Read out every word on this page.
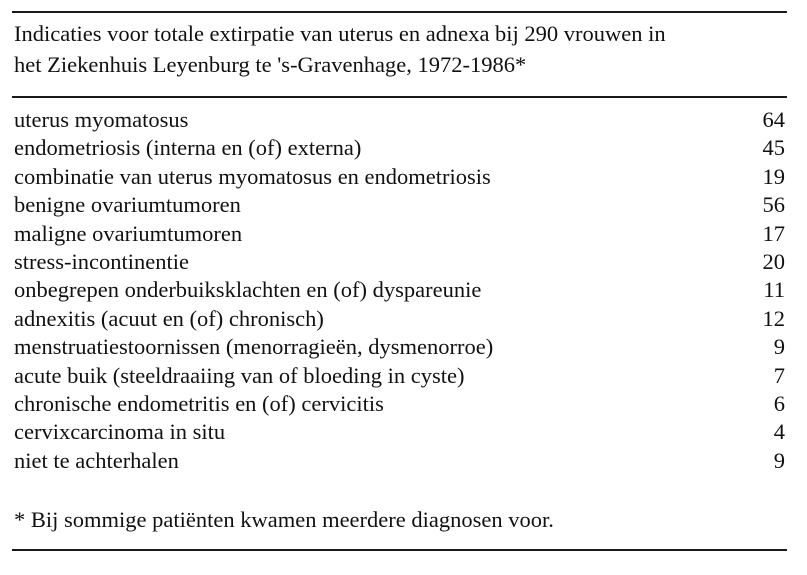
Indicaties voor totale extirpatie van uterus en adnexa bij 290 vrouwen in
het Ziekenhuis Leyenburg te 's-Gravenhage, 1972-1986*
uterus myomatosus	64
endometriosis (interna en (of) externa)	45
combinatie van uterus myomatosus en endometriosis	19
benigne ovariumtumoren	56
maligne ovariumtumoren	17
stress-incontinentie	20
onbegrepen onderbuiksklachten en (of) dyspareunie	11
adnexitis (acuut en (of) chronisch)	12
menstruatiestoornissen (menorragieën, dysmenorroe)	9
acute buik (steeldraaiing van of bloeding in cyste)	7
chronische endometritis en (of) cervicitis	6
cervixcarcinoma in situ	4
niet te achterhalen	9
* Bij sommige patiënten kwamen meerdere diagnosen voor.
